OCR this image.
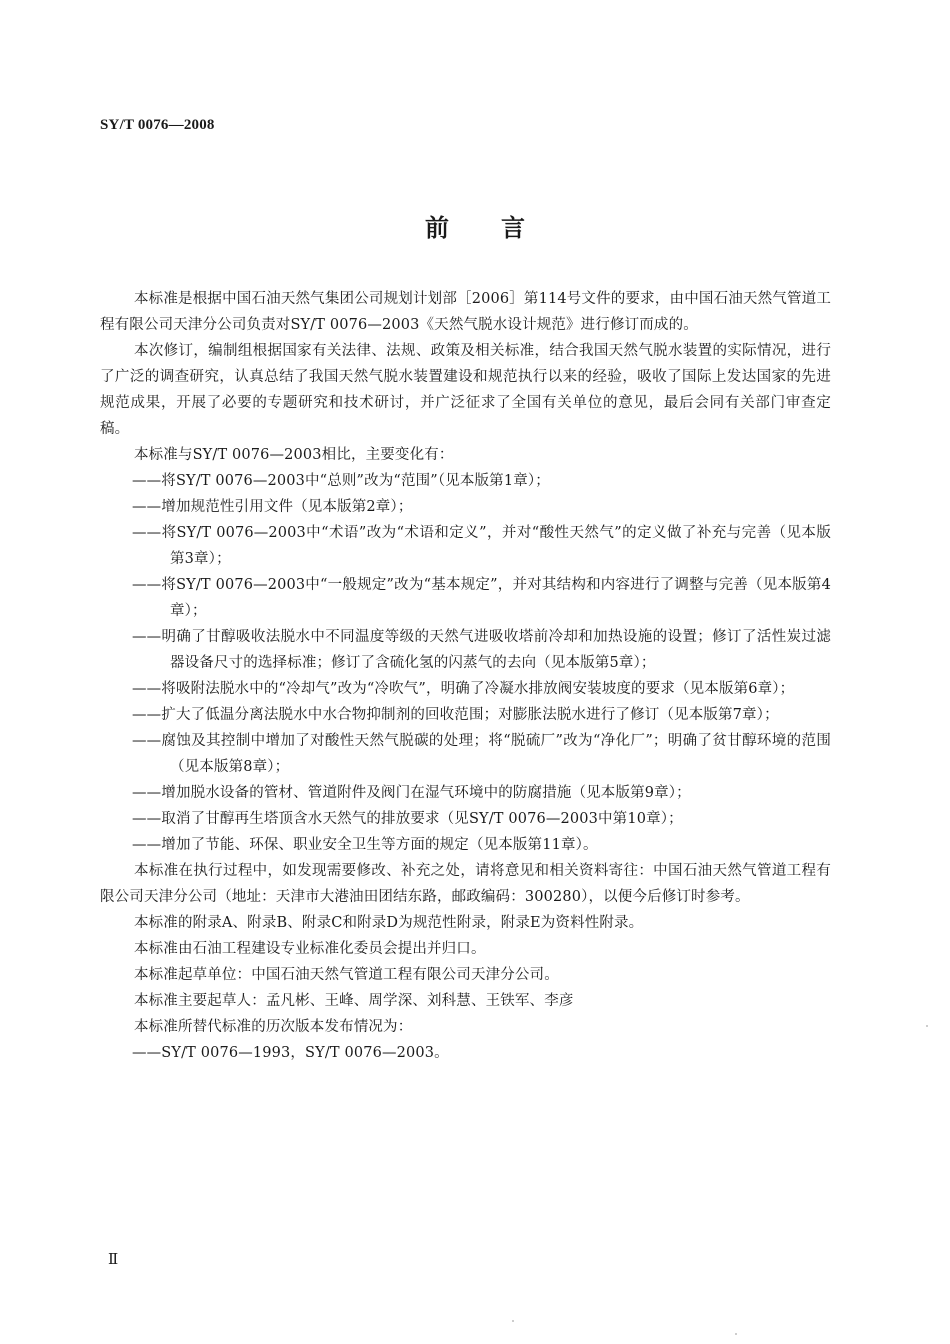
SY/T 0076—2008
前 言

本标准是根据中国石油天然气集团公司规划计划部［2006］第114号文件的要求，由中国石油天然气管道工程有限公司天津分公司负责对SY/T 0076—2003《天然气脱水设计规范》进行修订而成的。

本次修订，编制组根据国家有关法律、法规、政策及相关标准，结合我国天然气脱水装置的实际情况，进行了广泛的调查研究，认真总结了我国天然气脱水装置建设和规范执行以来的经验，吸收了国际上发达国家的先进规范成果，开展了必要的专题研究和技术研讨，并广泛征求了全国有关单位的意见，最后会同有关部门审查定稿。

本标准与SY/T 0076—2003相比，主要变化有：

——将SY/T 0076—2003中“总则”改为“范围”（见本版第1章）；

——增加规范性引用文件（见本版第2章）；

——将SY/T 0076—2003中“术语”改为“术语和定义”，并对“酸性天然气”的定义做了补充与完善（见本版第3章）；

——将SY/T 0076—2003中“一般规定”改为“基本规定”，并对其结构和内容进行了调整与完善（见本版第4章）；

——明确了甘醇吸收法脱水中不同温度等级的天然气进吸收塔前冷却和加热设施的设置；修订了活性炭过滤器设备尺寸的选择标准；修订了含硫化氢的闪蒸气的去向（见本版第5章）；

——将吸附法脱水中的“冷却气”改为“冷吹气”，明确了冷凝水排放阀安装坡度的要求（见本版第6章）；

——扩大了低温分离法脱水中水合物抑制剂的回收范围；对膨胀法脱水进行了修订（见本版第7章）；

——腐蚀及其控制中增加了对酸性天然气脱碳的处理；将“脱硫厂”改为“净化厂”；明确了贫甘醇环境的范围（见本版第8章）；

——增加脱水设备的管材、管道附件及阀门在湿气环境中的防腐措施（见本版第9章）；

——取消了甘醇再生塔顶含水天然气的排放要求（见SY/T 0076—2003中第10章）；

——增加了节能、环保、职业安全卫生等方面的规定（见本版第11章）。

本标准在执行过程中，如发现需要修改、补充之处，请将意见和相关资料寄往：中国石油天然气管道工程有限公司天津分公司（地址：天津市大港油田团结东路，邮政编码：300280），以便今后修订时参考。

本标准的附录A、附录B、附录C和附录D为规范性附录，附录E为资料性附录。

本标准由石油工程建设专业标准化委员会提出并归口。

本标准起草单位：中国石油天然气管道工程有限公司天津分公司。

本标准主要起草人：孟凡彬、王峰、周学深、刘科慧、王铁军、李彦

本标准所替代标准的历次版本发布情况为：

——SY/T 0076—1993，SY/T 0076—2003。

Ⅱ
